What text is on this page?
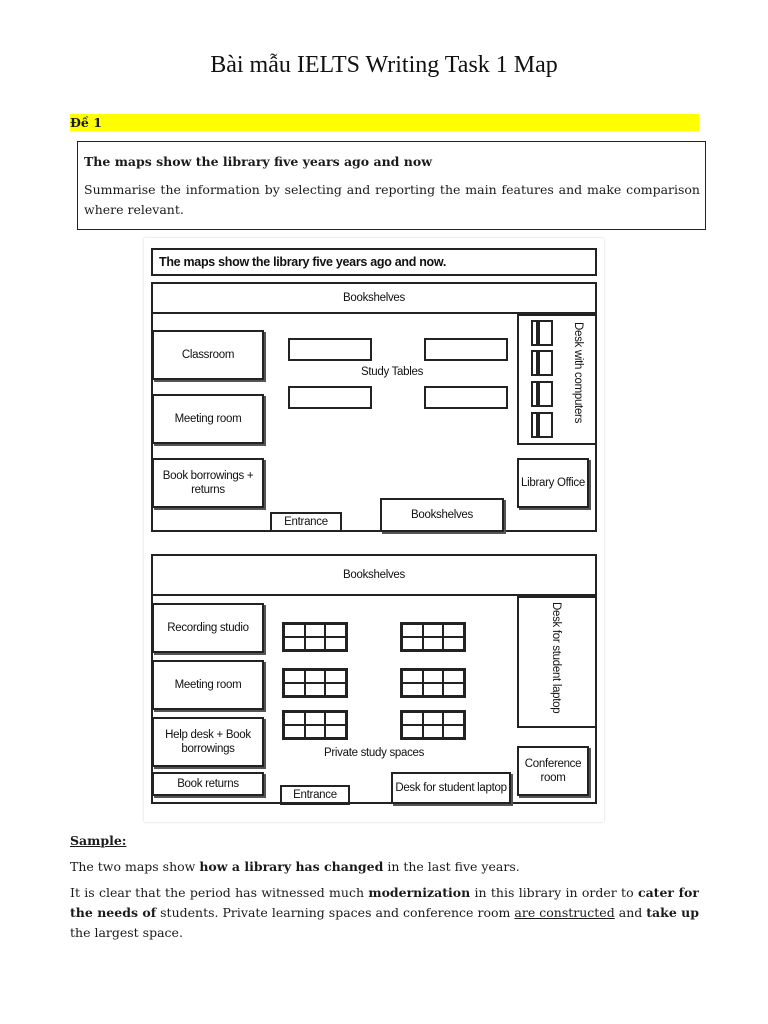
Bài mẫu IELTS Writing Task 1 Map
Đề 1
The maps show the library five years ago and now
Summarise the information by selecting and reporting the main features and make comparison where relevant.
The maps show the library five years ago and now.
Bookshelves
Classroom
Meeting room
Book borrowings + returns
Study Tables	Desk with computers
Library Office
Entrance
Bookshelves
Bookshelves
Recording studio
Meeting room
Help desk + Book borrowings
Book returns
Private study spaces
Desk for student laptop
Conference room
Entrance
Desk for student laptop
Sample:
The two maps show how a library has changed in the last five years.
It is clear that the period has witnessed much modernization in this library in order to cater for the needs of students. Private learning spaces and conference room are constructed and take up the largest space.
